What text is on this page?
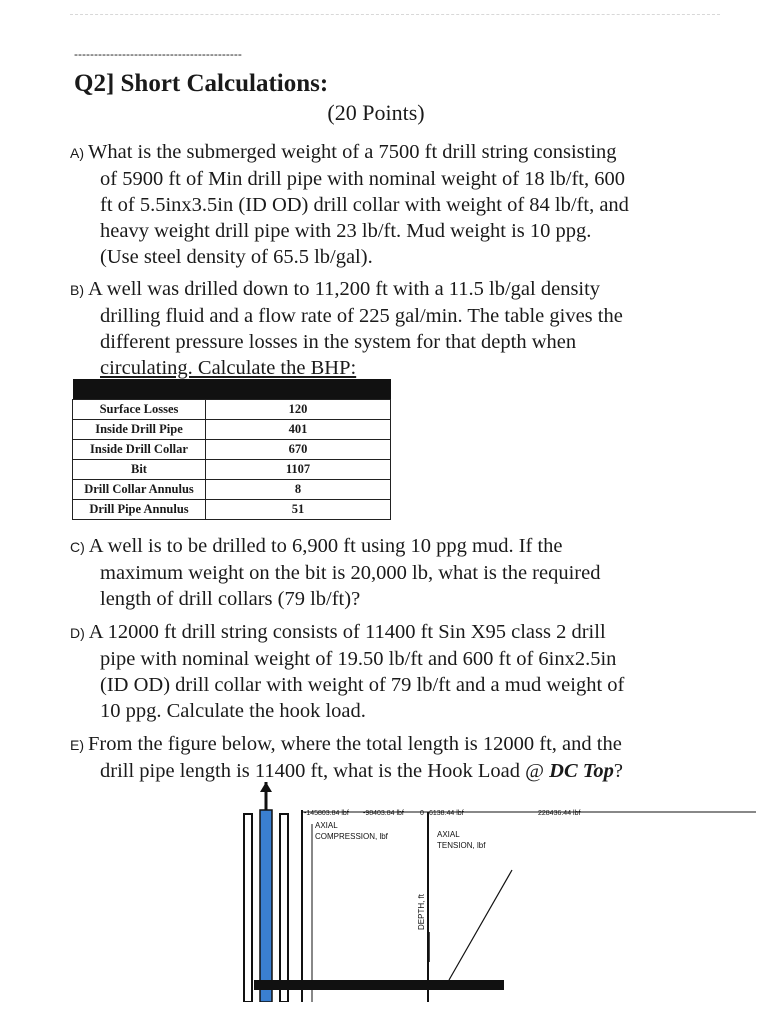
------------------------------------------
Q2] Short Calculations:
(20 Points)
A) What is the submerged weight of a 7500 ft drill string consisting
of 5900 ft of Min drill pipe with nominal weight of 18 lb/ft, 600
ft of 5.5inx3.5in (ID OD) drill collar with weight of 84 lb/ft, and
heavy weight drill pipe with 23 lb/ft. Mud weight is 10 ppg.
(Use steel density of 65.5 lb/gal).
B) A well was drilled down to 11,200 ft with a 11.5 lb/gal density
drilling fluid and a flow rate of 225 gal/min. The table gives the
different pressure losses in the system for that depth when
circulating. Calculate the BHP:

Surface Losses	120
Inside Drill Pipe	401
Inside Drill Collar	670
Bit	1107
Drill Collar Annulus	8
Drill Pipe Annulus	51
C) A well is to be drilled to 6,900 ft using 10 ppg mud. If the
maximum weight on the bit is 20,000 lb, what is the required
length of drill collars (79 lb/ft)?
D) A 12000 ft drill string consists of 11400 ft Sin X95 class 2 drill
pipe with nominal weight of 19.50 lb/ft and 600 ft of 6inx2.5in
(ID OD) drill collar with weight of 79 lb/ft and a mud weight of
10 ppg. Calculate the hook load.
E) From the figure below, where the total length is 12000 ft, and the
drill pipe length is 11400 ft, what is the Hook Load @ DC Top?
-145803.84 lbf -98403.84 lbf 0 6138.44 lbf	228436.44 lbf
AXIAL
COMPRESSION, lbf	AXIAL
TENSION, lbf
DEPTH, ft
